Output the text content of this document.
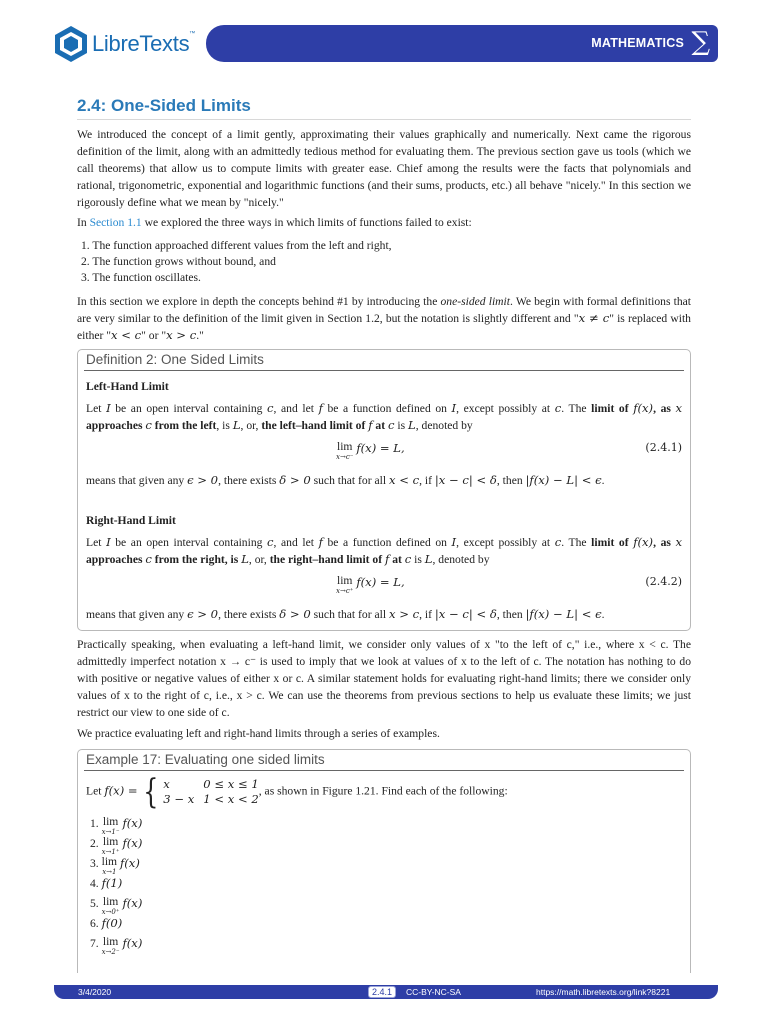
LibreTexts™
MATHEMATICS ∑
2.4: One-Sided Limits

We introduced the concept of a limit gently, approximating their values graphically and numerically. Next came the rigorous definition of the limit, along with an admittedly tedious method for evaluating them. The previous section gave us tools (which we call theorems) that allow us to compute limits with greater ease. Chief among the results were the facts that polynomials and rational, trigonometric, exponential and logarithmic functions (and their sums, products, etc.) all behave "nicely." In this section we rigorously define what we mean by "nicely."

In Section 1.1 we explored the three ways in which limits of functions failed to exist:

1. The function approached different values from the left and right,
2. The function grows without bound, and
3. The function oscillates.

In this section we explore in depth the concepts behind #1 by introducing the one-sided limit. We begin with formal definitions that are very similar to the definition of the limit given in Section 1.2, but the notation is slightly different and "x ≠ c" is replaced with either "x < c" or "x > c."

Definition 2: One Sided Limits
Left-Hand Limit
Let I be an open interval containing c, and let f be a function defined on I, except possibly at c. The limit of f(x), as x approaches c from the left, is L, or, the left–hand limit of f at c is L, denoted by
lim
x→c⁻
f(x) = L,	(2.4.1)
means that given any ϵ > 0, there exists δ > 0 such that for all x < c, if |x − c| < δ, then |f(x) − L| < ϵ.
Right-Hand Limit
Let I be an open interval containing c, and let f be a function defined on I, except possibly at c. The limit of f(x), as x approaches c from the right, is L, or, the right–hand limit of f at c is L, denoted by
lim
x→c⁺
f(x) = L,	(2.4.2)
means that given any ϵ > 0, there exists δ > 0 such that for all x > c, if |x − c| < δ, then |f(x) − L| < ϵ.

Practically speaking, when evaluating a left-hand limit, we consider only values of x "to the left of c," i.e., where x < c. The admittedly imperfect notation x → c⁻ is used to imply that we look at values of x to the left of c. The notation has nothing to do with positive or negative values of either x or c. A similar statement holds for evaluating right-hand limits; there we consider only values of x to the right of c, i.e., x > c. We can use the theorems from previous sections to help us evaluate these limits; we just restrict our view to one side of c.

We practice evaluating left and right-hand limits through a series of examples.

Example 17: Evaluating one sided limits
Let f(x) = { x	0 ≤ x ≤ 1
3 − x 1 < x < 2
, as shown in Figure 1.21. Find each of the following:
1. lim
x→1⁻
f(x)
2. lim
x→1⁺
f(x)
3. lim
x→1
f(x)
4. f(1)
5. lim
x→0⁺
f(x)
6. f(0)
7. lim
x→2⁻
f(x)
3/4/2020	2.4.1	CC-BY-NC-SA	https://math.libretexts.org/link?8221
